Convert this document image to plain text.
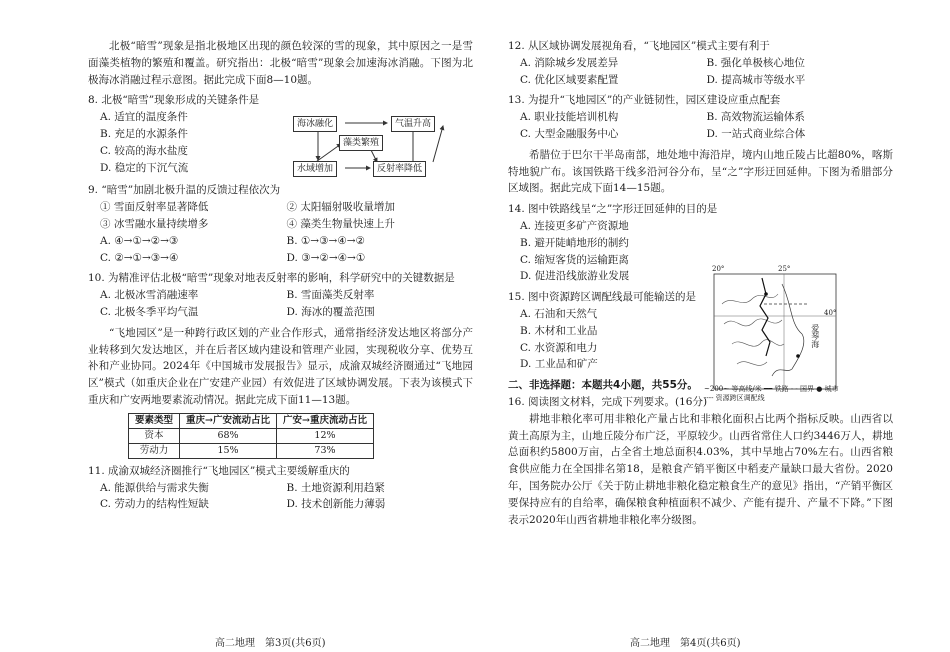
北极“暗雪”现象是指北极地区出现的颜色较深的雪的现象，其中原因之一是雪面藻类植物的繁殖和覆盖。研究指出：北极“暗雪”现象会加速海冰消融。下图为北极海冰消融过程示意图。据此完成下面8—10题。

8. 北极“暗雪”现象形成的关键条件是

A. 适宜的温度条件

B. 充足的水源条件

C. 较高的海水盐度

D. 稳定的下沉气流

海冰融化	气温升高
藻类繁殖
水域增加	反射率降低

9. “暗雪”加剧北极升温的反馈过程依次为

① 雪面反射率显著降低	② 太阳辐射吸收量增加

③ 冰雪融水量持续增多	④ 藻类生物量快速上升

A. ④→①→②→③	B. ①→③→④→②

C. ②→①→③→④	D. ③→②→④→①

10. 为精准评估北极“暗雪”现象对地表反射率的影响，科学研究中的关键数据是

A. 北极冰雪消融速率	B. 雪面藻类反射率

C. 北极冬季平均气温	D. 海冰的覆盖范围

“飞地园区”是一种跨行政区划的产业合作形式，通常指经济发达地区将部分产业转移到欠发达地区，并在后者区域内建设和管理产业园，实现税收分享、优势互补和产业协同。2024年《中国城市发展报告》显示，成渝双城经济圈通过“飞地园区”模式（如重庆企业在广安建产业园）有效促进了区域协调发展。下表为该模式下重庆和广安两地要素流动情况。据此完成下面11—13题。

要素类型	重庆→广安流动占比	广安→重庆流动占比
资本	68%	12%
劳动力	15%	73%

11. 成渝双城经济圈推行“飞地园区”模式主要缓解重庆的

A. 能源供给与需求失衡	B. 土地资源利用趋紧

C. 劳动力的结构性短缺	D. 技术创新能力薄弱

高二地理　第3页(共6页)

12. 从区域协调发展视角看，“飞地园区”模式主要有利于

A. 消除城乡发展差异	B. 强化单极核心地位

C. 优化区域要素配置	D. 提高城市等级水平

13. 为提升“飞地园区”的产业链韧性，园区建设应重点配套

A. 职业技能培训机构	B. 高效物流运输体系

C. 大型金融服务中心	D. 一站式商业综合体

希腊位于巴尔干半岛南部，地处地中海沿岸，境内山地丘陵占比超80%，喀斯特地貌广布。该国铁路干线多沿河谷分布，呈“之”字形迂回延伸。下图为希腊部分区域图。据此完成下面14—15题。

14. 图中铁路线呈“之”字形迂回延伸的目的是

A. 连接更多矿产资源地

B. 避开陡峭地形的制约

C. 缩短客货的运输距离

D. 促进沿线旅游业发展

15. 图中资源跨区调配线最可能输送的是

A. 石油和天然气

B. 木材和工业品

C. 水资源和电力

D. 工业品和矿产

二、非选择题：本题共4小题，共55分。

16. 阅读图文材料，完成下列要求。(16分)

耕地非粮化率可用非粮化产量占比和非粮化面积占比两个指标反映。山西省以黄土高原为主，山地丘陵分布广泛，平原较少。山西省常住人口约3446万人，耕地总面积约5800万亩，占全省土地总面积4.03%，其中旱地占70%左右。山西省粮食供应能力在全国排名第18，是粮食产销平衡区中稻麦产量缺口最大省份。2020年，国务院办公厅《关于防止耕地非粮化稳定粮食生产的意见》指出，“产销平衡区要保持应有的自给率，确保粮食种植面积不减少、产能有提升、产量不下降。”下图表示2020年山西省耕地非粮化率分级图。

高二地理　第4页(共6页)
20°	25°
40°
爱琴海
~200~ 等高线/米 ━━ 铁路 - - 国界 ● 城市
---- 资源跨区调配线
